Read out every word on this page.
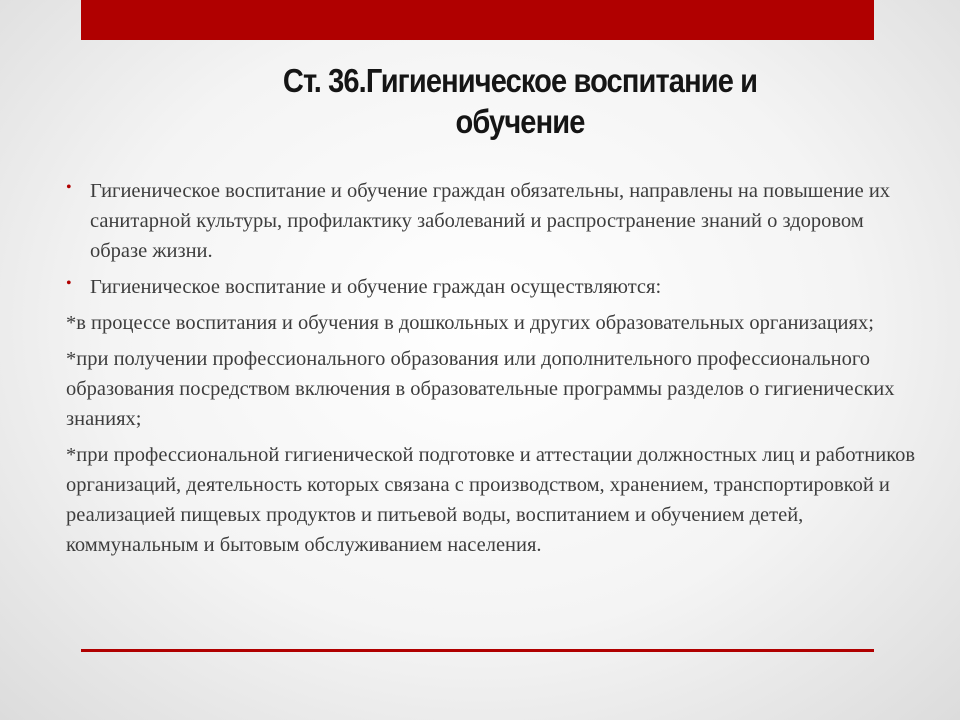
Ст. 36.Гигиеническое воспитание и
обучение
• Гигиеническое воспитание и обучение граждан обязательны, направлены на повышение их санитарной культуры, профилактику заболеваний и распространение знаний о здоровом образе жизни.
• Гигиеническое воспитание и обучение граждан осуществляются:
*в процессе воспитания и обучения в дошкольных и других образовательных организациях;
*при получении профессионального образования или дополнительного профессионального образования посредством включения в образовательные программы разделов о гигиенических знаниях;
*при профессиональной гигиенической подготовке и аттестации должностных лиц и работников организаций, деятельность которых связана с производством, хранением, транспортировкой и реализацией пищевых продуктов и питьевой воды, воспитанием и обучением детей, коммунальным и бытовым обслуживанием населения.
